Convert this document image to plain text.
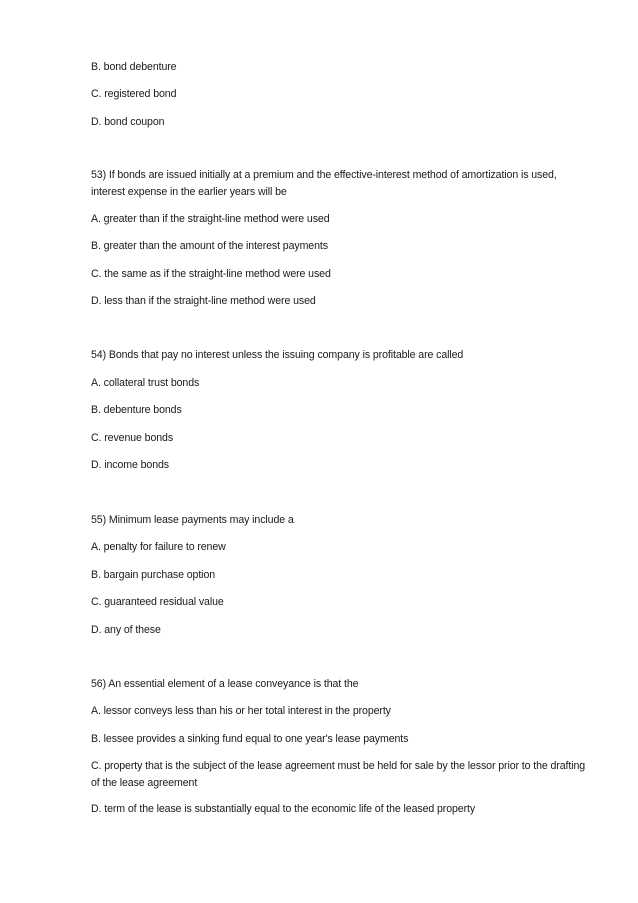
B. bond debenture
C. registered bond
D. bond coupon
53) If bonds are issued initially at a premium and the effective-interest method of amortization is used, interest expense in the earlier years will be
A. greater than if the straight-line method were used
B. greater than the amount of the interest payments
C. the same as if the straight-line method were used
D. less than if the straight-line method were used
54) Bonds that pay no interest unless the issuing company is profitable are called
A. collateral trust bonds
B. debenture bonds
C. revenue bonds
D. income bonds
55) Minimum lease payments may include a
A. penalty for failure to renew
B. bargain purchase option
C. guaranteed residual value
D. any of these
56) An essential element of a lease conveyance is that the
A. lessor conveys less than his or her total interest in the property
B. lessee provides a sinking fund equal to one year's lease payments
C. property that is the subject of the lease agreement must be held for sale by the lessor prior to the drafting of the lease agreement
D. term of the lease is substantially equal to the economic life of the leased property
